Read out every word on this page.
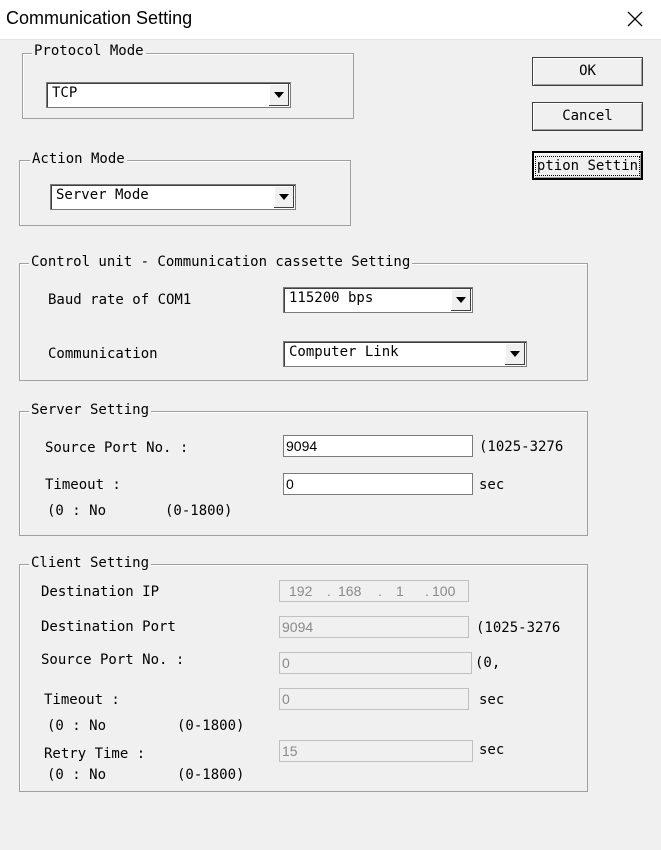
Communication Setting
OK
Cancel
ption Settin
Protocol Mode
TCP
Action Mode
Server Mode
Control unit - Communication cassette Setting
Baud rate of COM1	115200 bps
Communication	Computer Link
Server Setting
Source Port No. :	9094	(1025-3276
Timeout :	0	sec
(0 : No	(0-1800)
Client Setting
Destination IP	192 . 168 . 1 . 100
Destination Port	9094	(1025-3276
Source Port No. :	0	(0,
Timeout :	0	sec
(0 : No	(0-1800)
Retry Time :	15	sec
(0 : No	(0-1800)
